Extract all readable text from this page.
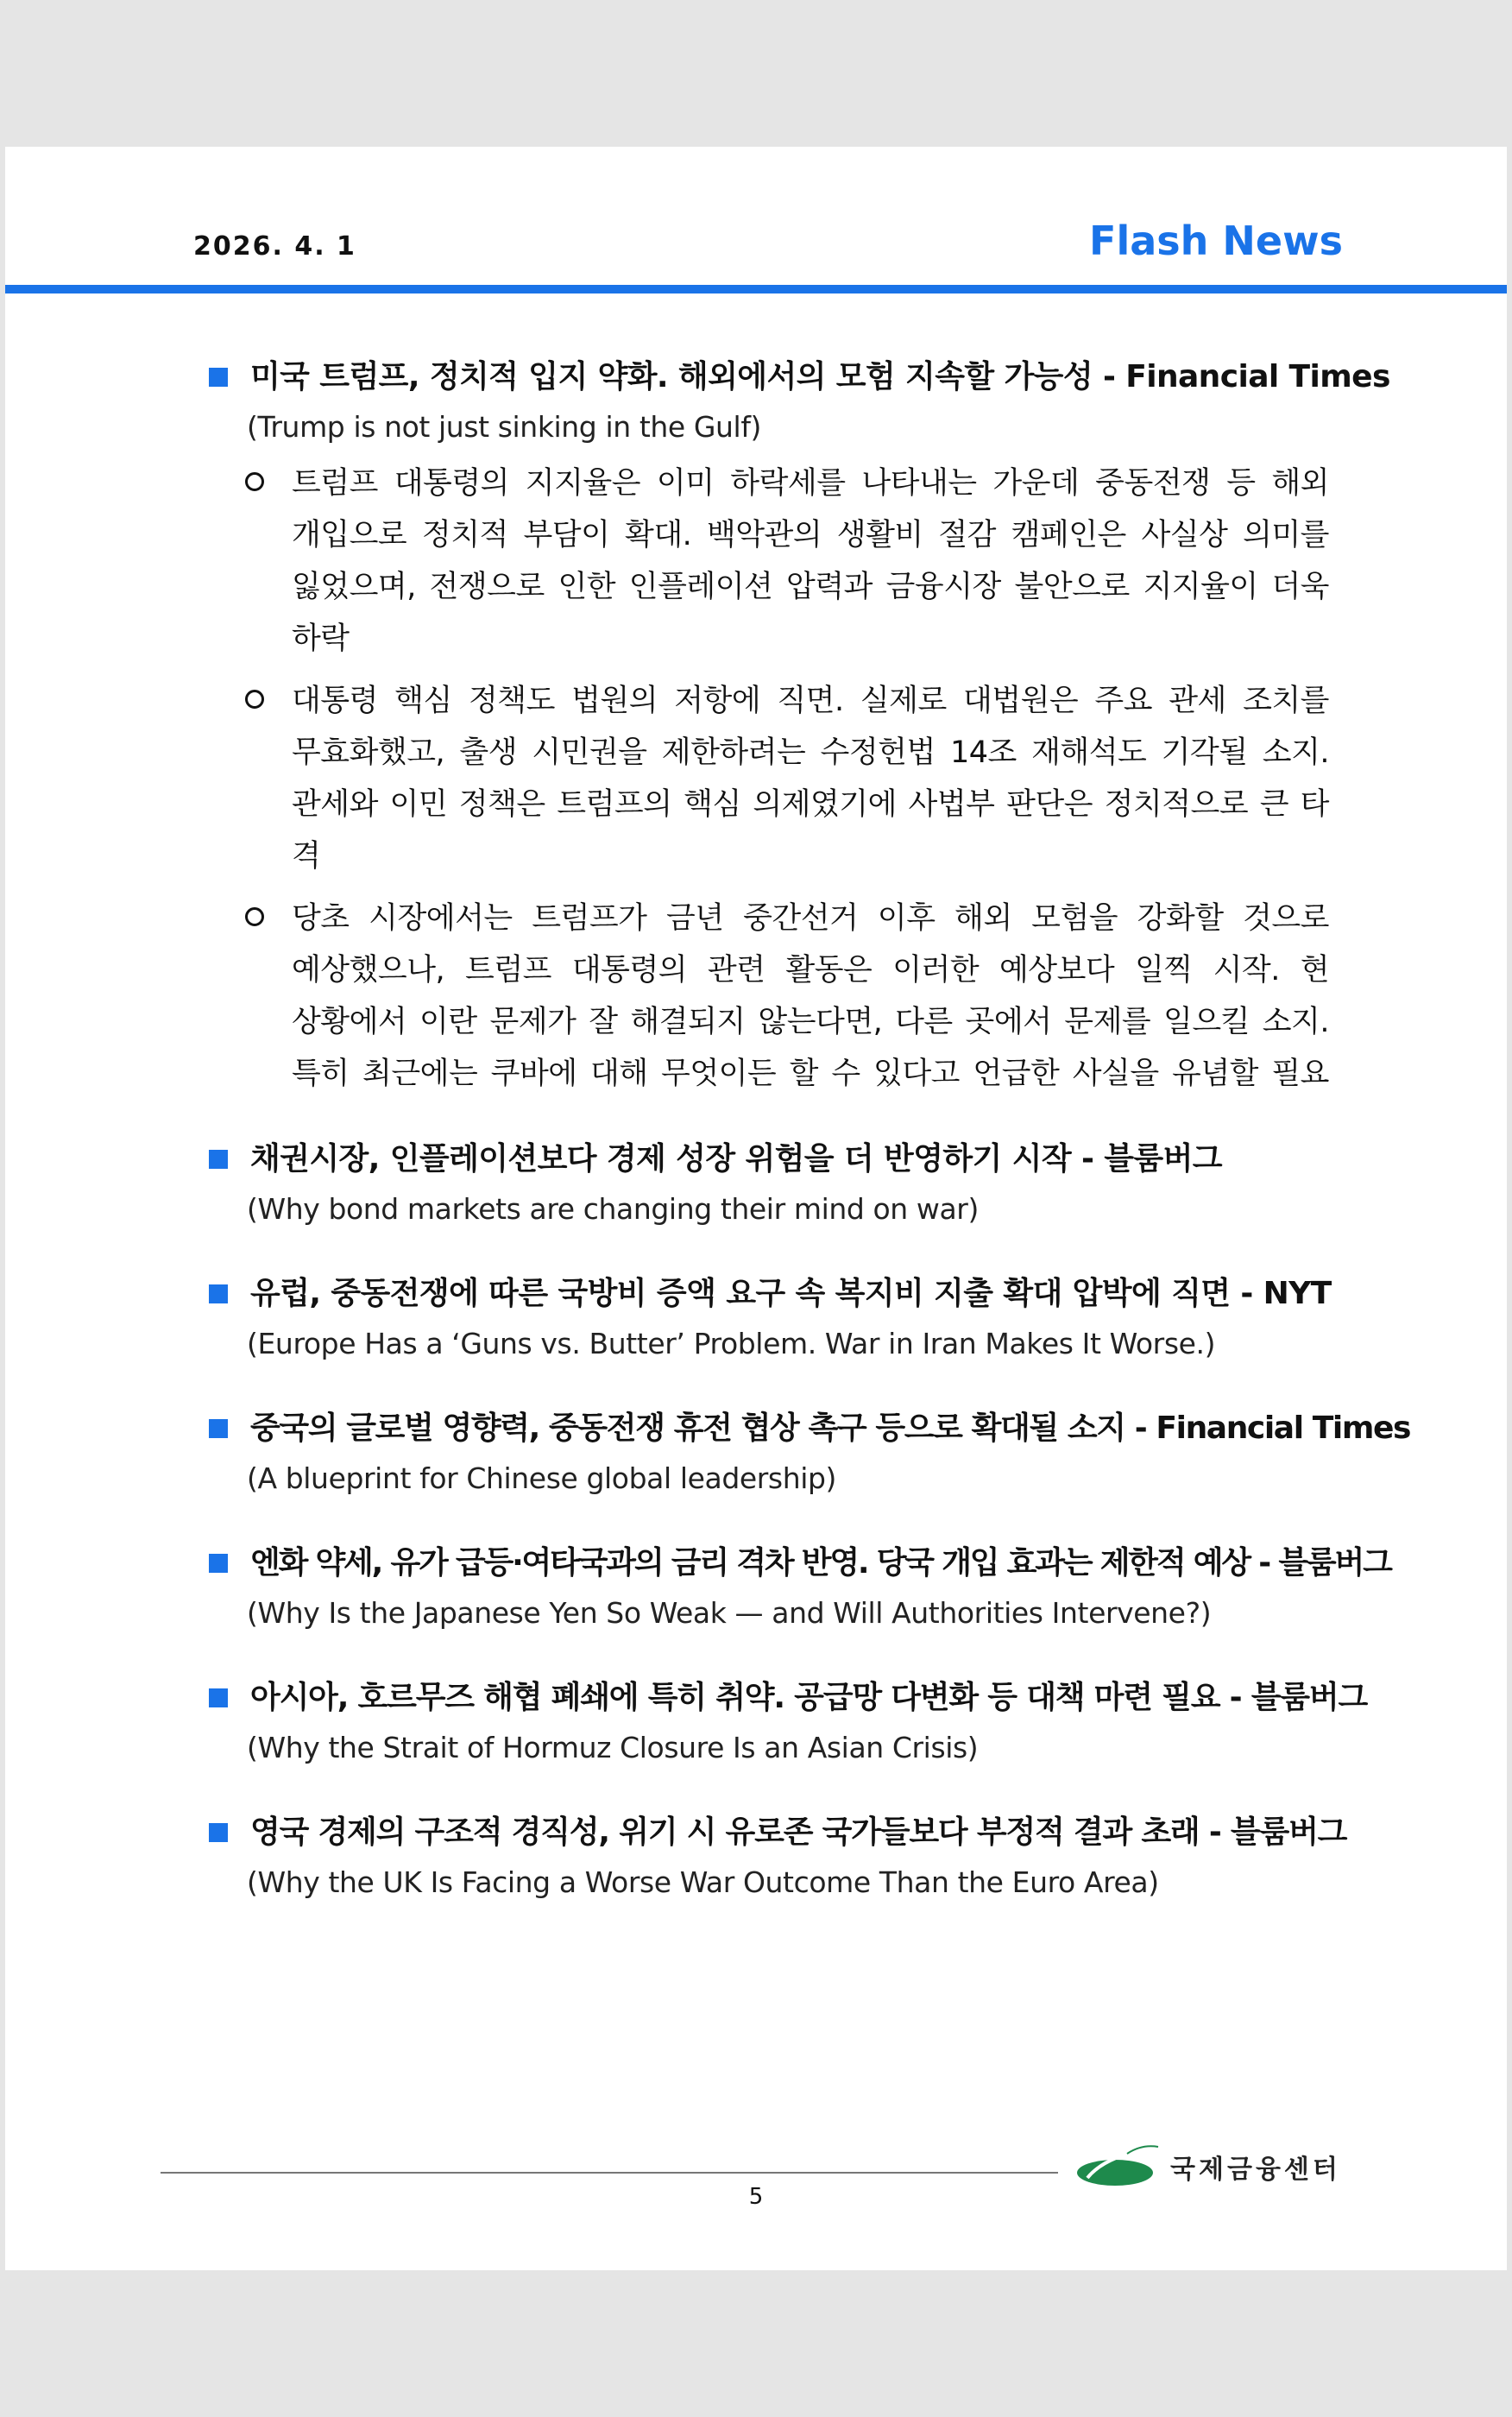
2026. 4. 1	Flash News
미국 트럼프, 정치적 입지 약화. 해외에서의 모험 지속할 가능성 - Financial Times
(Trump is not just sinking in the Gulf)
트럼프 대통령의 지지율은 이미 하락세를 나타내는 가운데 중동전쟁 등 해외
개입으로 정치적 부담이 확대. 백악관의 생활비 절감 캠페인은 사실상 의미를
잃었으며, 전쟁으로 인한 인플레이션 압력과 금융시장 불안으로 지지율이 더욱 하락
대통령 핵심 정책도 법원의 저항에 직면. 실제로 대법원은 주요 관세 조치를
무효화했고, 출생 시민권을 제한하려는 수정헌법 14조 재해석도 기각될 소지.
관세와 이민 정책은 트럼프의 핵심 의제였기에 사법부 판단은 정치적으로 큰 타격
당초 시장에서는 트럼프가 금년 중간선거 이후 해외 모험을 강화할 것으로
예상했으나, 트럼프 대통령의 관련 활동은 이러한 예상보다 일찍 시작. 현
상황에서 이란 문제가 잘 해결되지 않는다면, 다른 곳에서 문제를 일으킬 소지.
특히 최근에는 쿠바에 대해 무엇이든 할 수 있다고 언급한 사실을 유념할 필요
채권시장, 인플레이션보다 경제 성장 위험을 더 반영하기 시작 - 블룸버그
(Why bond markets are changing their mind on war)
유럽, 중동전쟁에 따른 국방비 증액 요구 속 복지비 지출 확대 압박에 직면 - NYT
(Europe Has a ‘Guns vs. Butter’ Problem. War in Iran Makes It Worse.)
중국의 글로벌 영향력, 중동전쟁 휴전 협상 촉구 등으로 확대될 소지 - Financial Times
(A blueprint for Chinese global leadership)
엔화 약세, 유가 급등·여타국과의 금리 격차 반영. 당국 개입 효과는 제한적 예상 - 블룸버그
(Why Is the Japanese Yen So Weak — and Will Authorities Intervene?)
아시아, 호르무즈 해협 폐쇄에 특히 취약. 공급망 다변화 등 대책 마련 필요 - 블룸버그
(Why the Strait of Hormuz Closure Is an Asian Crisis)
영국 경제의 구조적 경직성, 위기 시 유로존 국가들보다 부정적 결과 초래 - 블룸버그
(Why the UK Is Facing a Worse War Outcome Than the Euro Area)
5
국제금융센터
